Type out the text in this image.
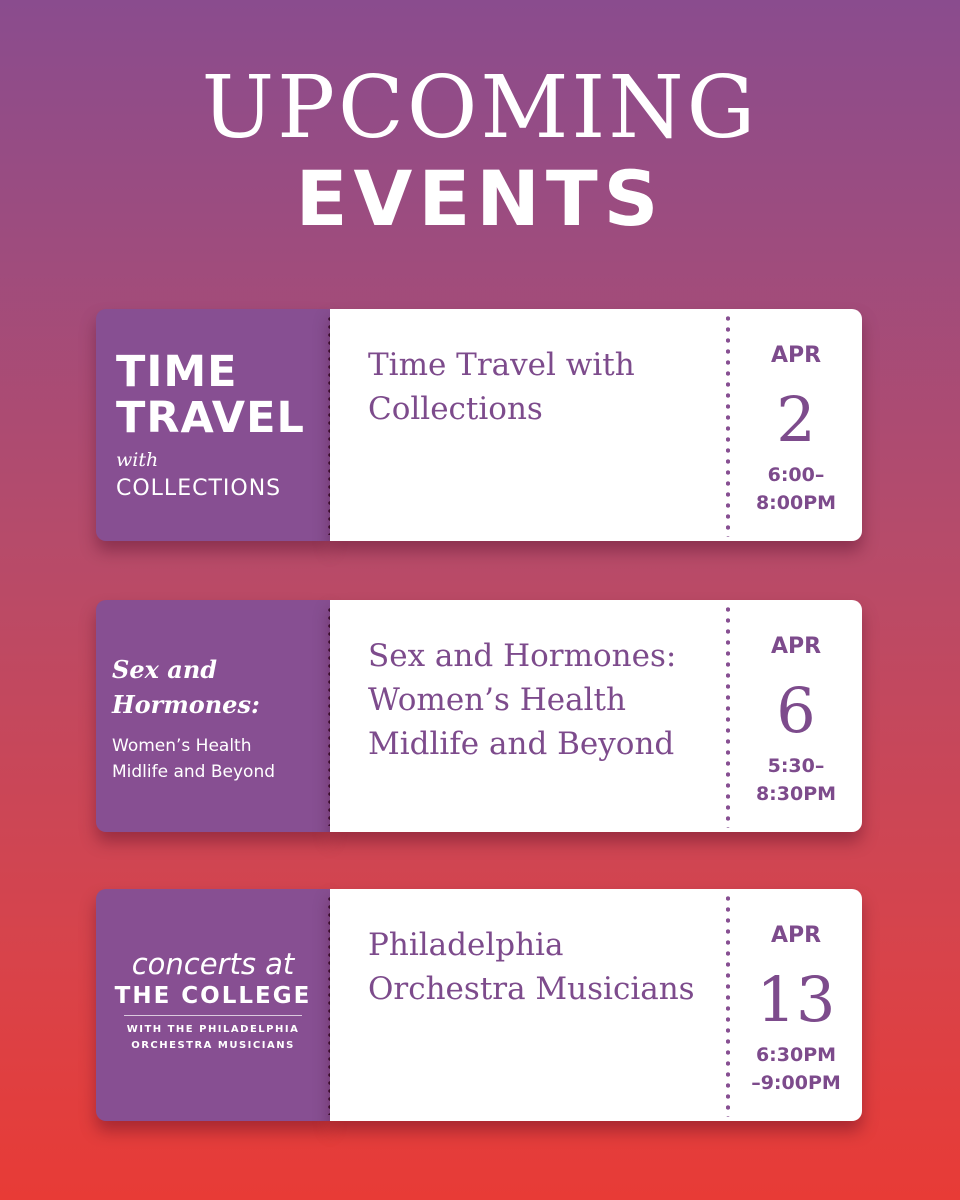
UPCOMING
EVENTS
TIME
TRAVEL
with
COLLECTIONS
Time Travel with Collections
APR
2
6:00–
8:00PM
Sex and
Hormones:
Women’s Health
Midlife and Beyond
Sex and Hormones: Women’s Health Midlife and Beyond
APR
6
5:30–
8:30PM
concerts at
THE COLLEGE
WITH THE PHILADELPHIA
ORCHESTRA MUSICIANS
Philadelphia Orchestra Musicians
APR
13
6:30PM
–9:00PM
